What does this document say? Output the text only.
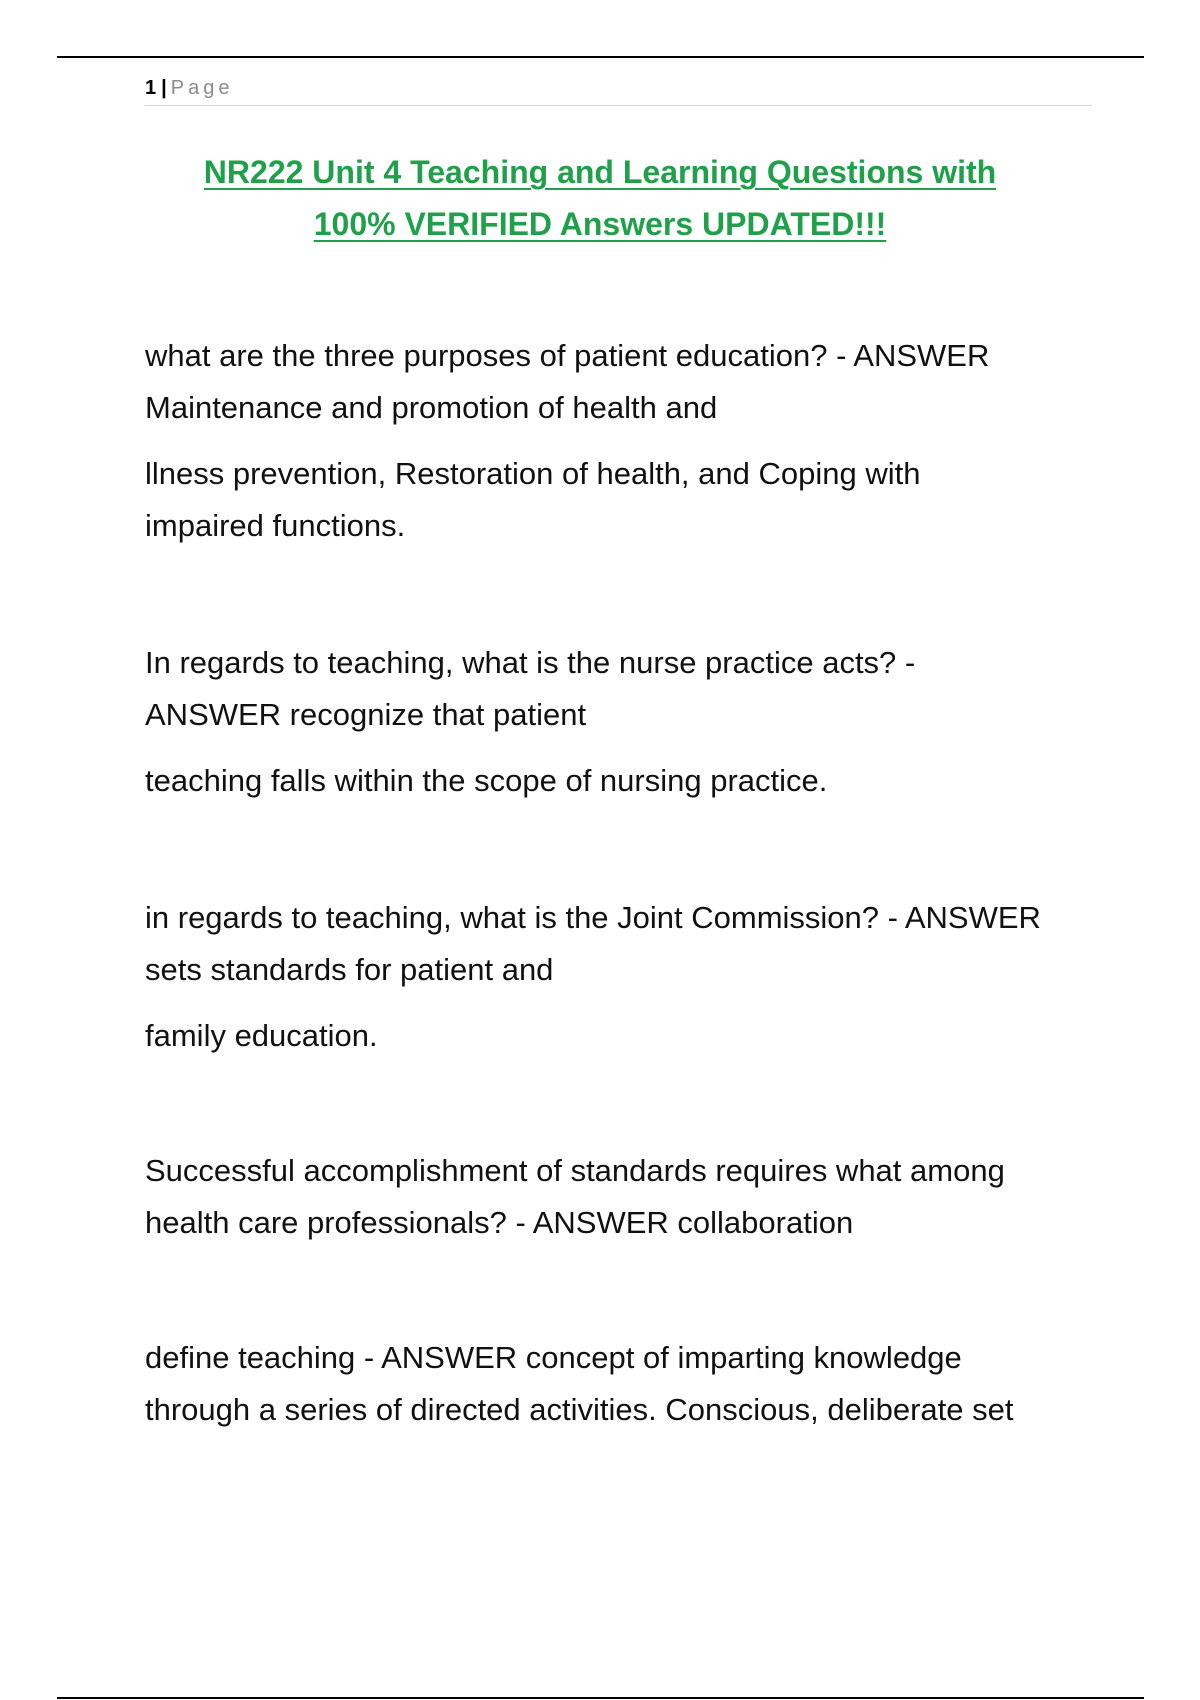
1 | Page
NR222 Unit 4 Teaching and Learning Questions with
100% VERIFIED Answers UPDATED!!!

what are the three purposes of patient education? - ANSWER

Maintenance and promotion of health and

llness prevention, Restoration of health, and Coping with

impaired functions.

In regards to teaching, what is the nurse practice acts? -

ANSWER recognize that patient

teaching falls within the scope of nursing practice.

in regards to teaching, what is the Joint Commission? - ANSWER

sets standards for patient and

family education.

Successful accomplishment of standards requires what among

health care professionals? - ANSWER collaboration

define teaching - ANSWER concept of imparting knowledge

through a series of directed activities. Conscious, deliberate set
